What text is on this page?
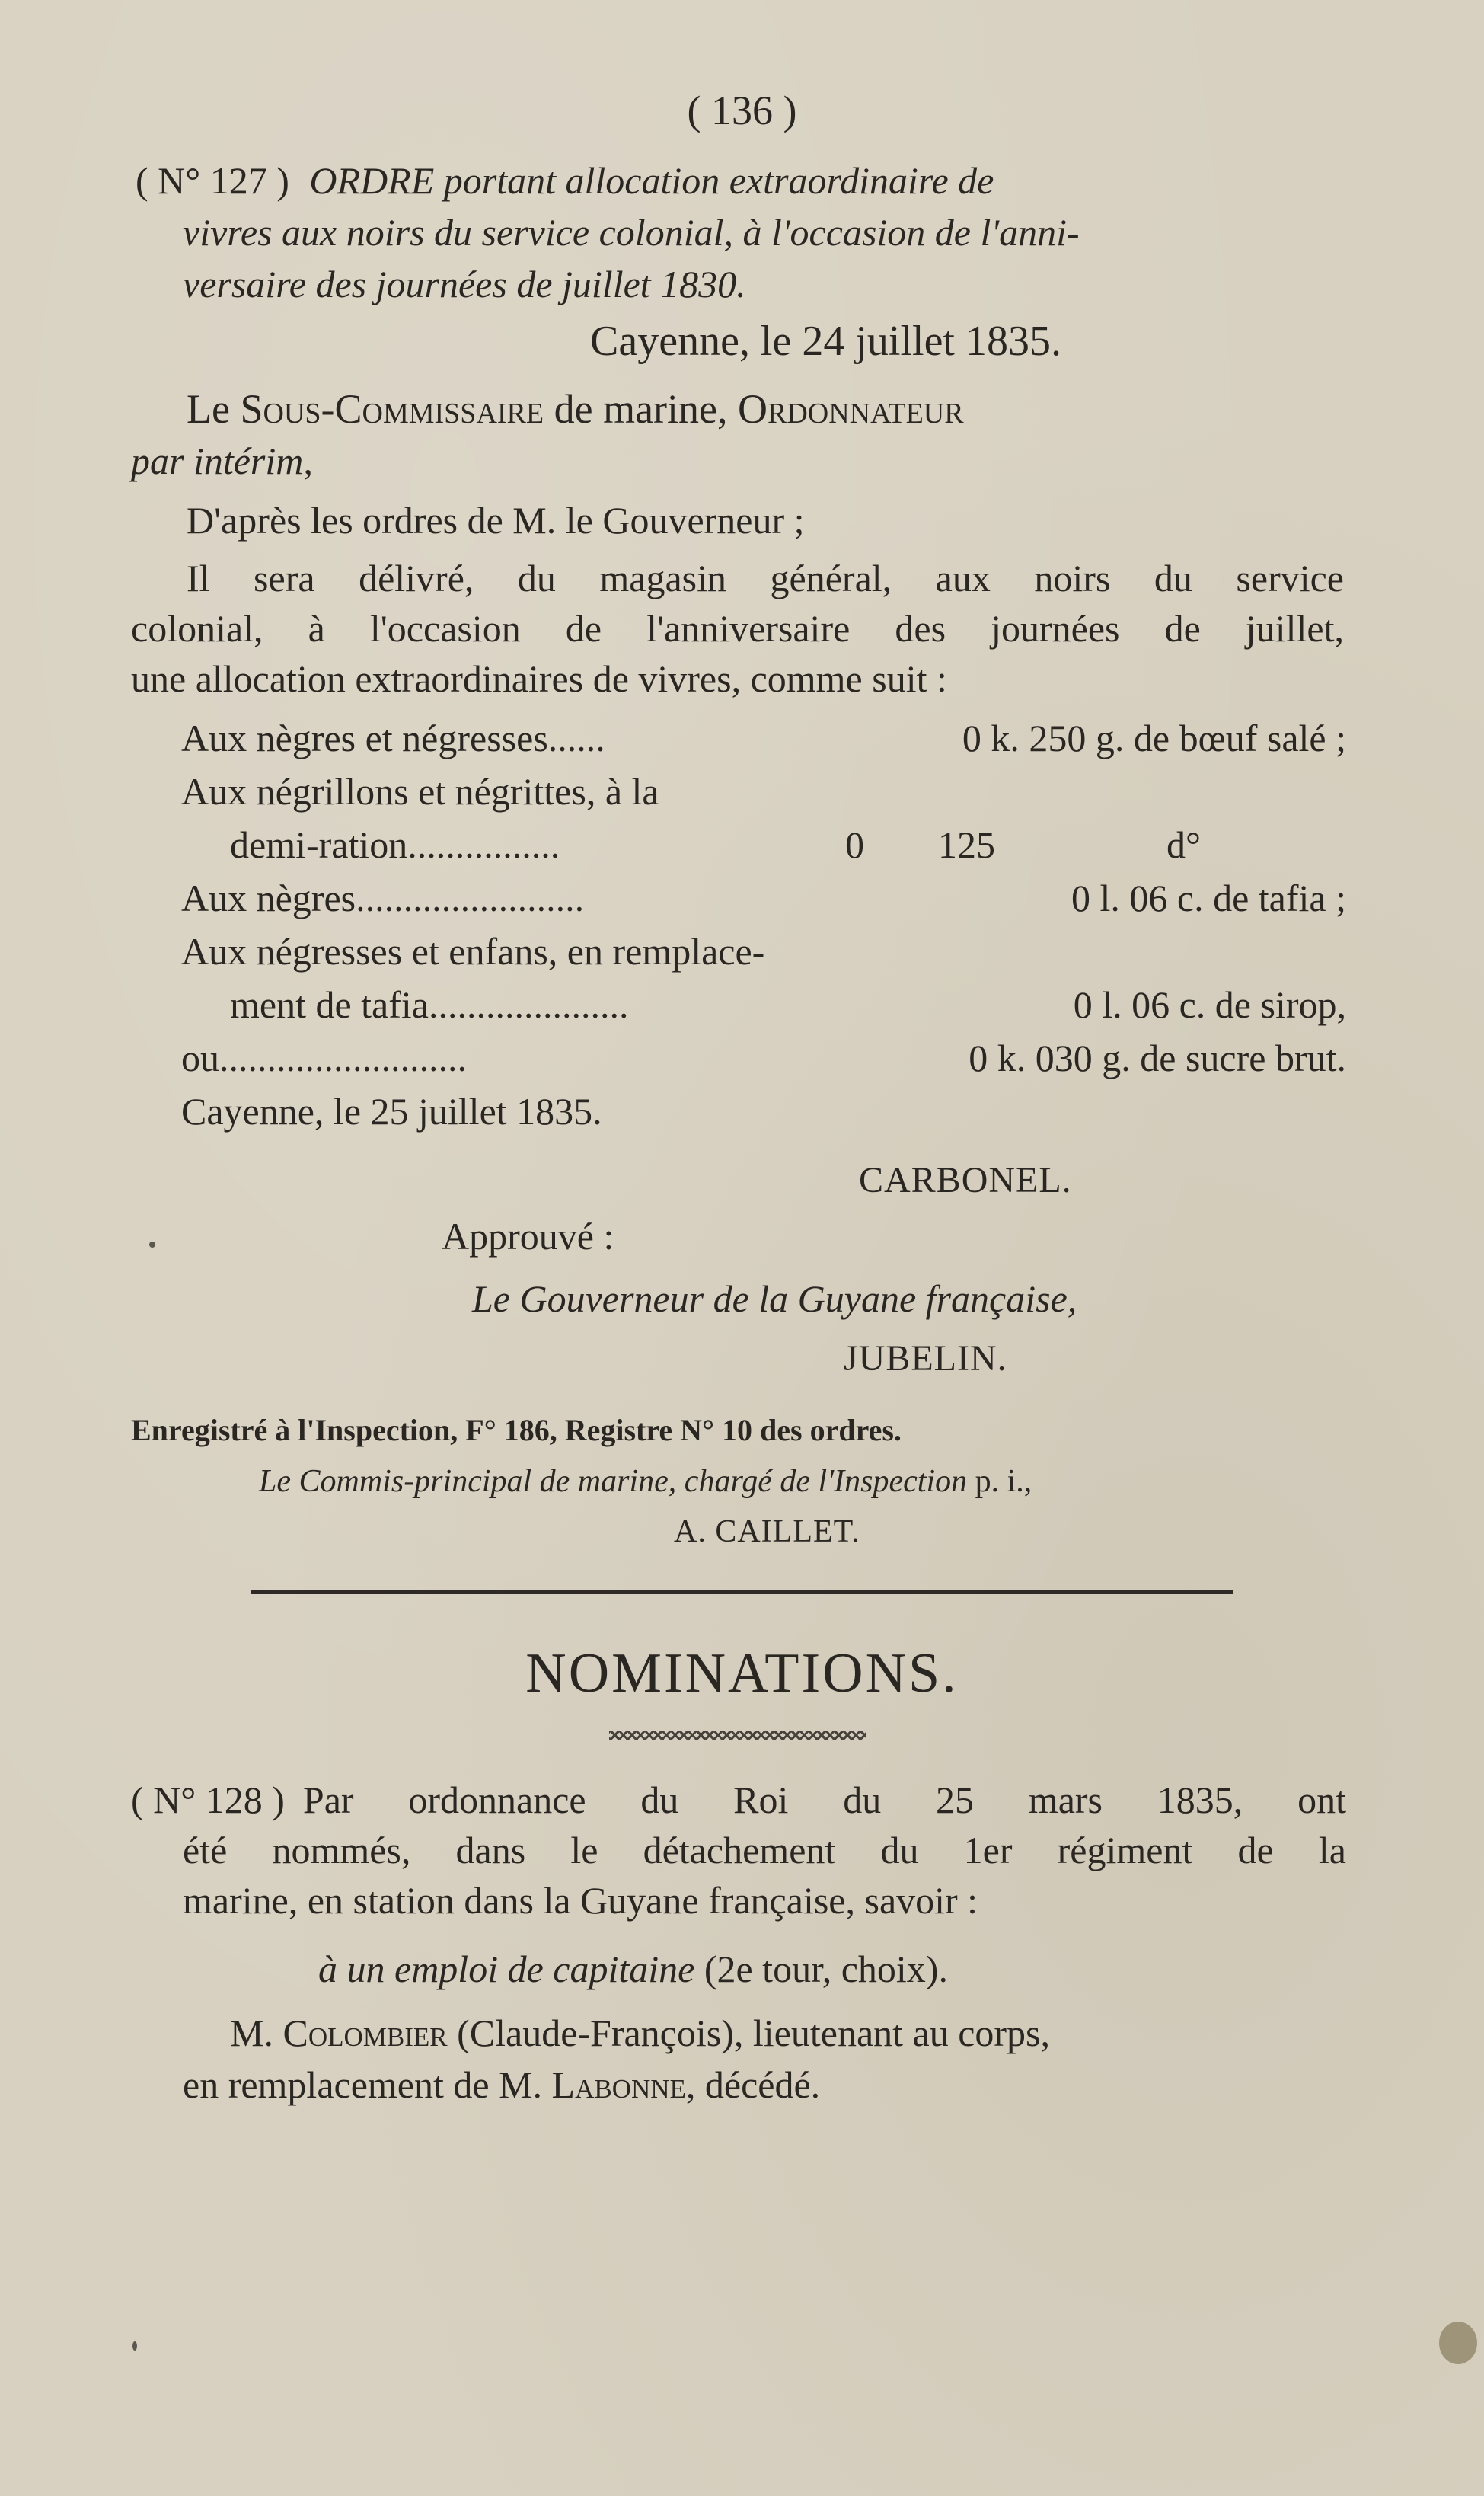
( 136 )
( N° 127 ) ORDRE portant allocation extraordinaire de
vivres aux noirs du service colonial, à l'occasion de l'anni-
versaire des journées de juillet 1830.
Cayenne, le 24 juillet 1835.
Le Sous-Commissaire de marine, Ordonnateur
par intérim,
D'après les ordres de M. le Gouverneur ;
Il sera délivré, du magasin général, aux noirs du service
colonial, à l'occasion de l'anniversaire des journées de juillet,
une allocation extraordinaires de vivres, comme suit :
Aux nègres et négresses......	0 k. 250 g. de bœuf salé ;
Aux négrillons et négrittes, à la
demi-ration................	0 125	d°
Aux nègres........................	0 l. 06 c. de tafia ;
Aux négresses et enfans, en remplace-
ment de tafia.....................	0 l. 06 c. de sirop,
ou..........................	0 k. 030 g. de sucre brut.
Cayenne, le 25 juillet 1835.
CARBONEL.
Approuvé :
Le Gouverneur de la Guyane française,
JUBELIN.
Enregistré à l'Inspection, F° 186, Registre N° 10 des ordres.
Le Commis-principal de marine, chargé de l'Inspection p. i.,
A. CAILLET.
NOMINATIONS.
( N° 128 ) Par ordonnance du Roi du 25 mars 1835, ont
été nommés, dans le détachement du 1er régiment de la
marine, en station dans la Guyane française, savoir :
à un emploi de capitaine (2e tour, choix).
M. Colombier (Claude-François), lieutenant au corps,
en remplacement de M. Labonne, décédé.
